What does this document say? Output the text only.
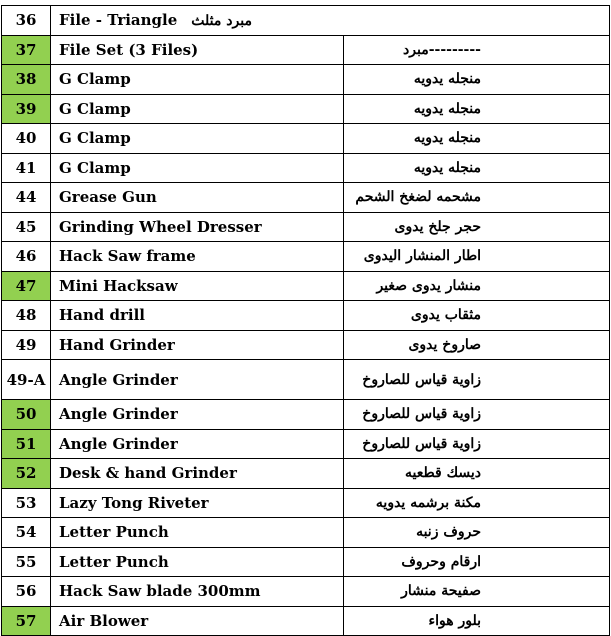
36	File - Triangle مبرد مثلث	
37	File Set (3 Files)	---------مبرد
38	G Clamp	منجله يدويه
39	G Clamp	منجله يدويه
40	G Clamp	منجله يدويه
41	G Clamp	منجله يدويه
44	Grease Gun	مشحمه لضغخ الشحم
45	Grinding Wheel Dresser	حجر جلخ يدوى
46	Hack Saw frame	اطار المنشار اليدوى
47	Mini Hacksaw	منشار يدوى صغير
48	Hand drill	مثقاب يدوى
49	Hand Grinder	صاروخ يدوى
49-A	Angle Grinder	زاوية قياس للصاروخ
50	Angle Grinder	زاوية قياس للصاروخ
51	Angle Grinder	زاوية قياس للصاروخ
52	Desk & hand Grinder	ديسك قطعيه
53	Lazy Tong Riveter	مكنة برشمه يدويه
54	Letter Punch	حروف زنبه
55	Letter Punch	ارقام وحروف
56	Hack Saw blade 300mm	صفيحة منشار
57	Air Blower	بلور هواء
